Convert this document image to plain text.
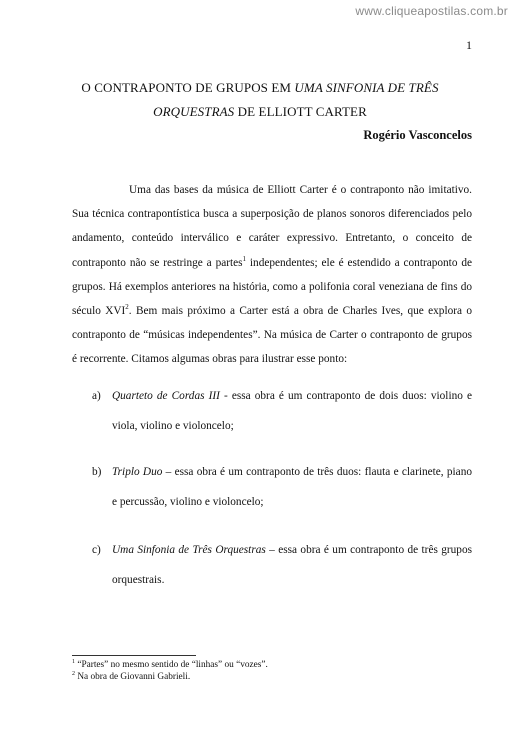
www.cliqueapostilas.com.br
1
O CONTRAPONTO DE GRUPOS EM UMA SINFONIA DE TRÊS
ORQUESTRAS DE ELLIOTT CARTER
Rogério Vasconcelos

Uma das bases da música de Elliott Carter é o contraponto não imitativo. Sua técnica contrapontística busca a superposição de planos sonoros diferenciados pelo andamento, conteúdo interválico e caráter expressivo. Entretanto, o conceito de contraponto não se restringe a partes$^1$ independentes; ele é estendido a contraponto de grupos. Há exemplos anteriores na história, como a polifonia coral veneziana de fins do século XVI$^2$. Bem mais próximo a Carter está a obra de Charles Ives, que explora o contraponto de “músicas independentes”. Na música de Carter o contraponto de grupos é recorrente. Citamos algumas obras para ilustrar esse ponto:

a) Quarteto de Cordas III - essa obra é um contraponto de dois duos: violino e viola, violino e violoncelo;
b) Triplo Duo – essa obra é um contraponto de três duos: flauta e clarinete, piano e percussão, violino e violoncelo;
c) Uma Sinfonia de Três Orquestras – essa obra é um contraponto de três grupos orquestrais.
$^1$ “Partes” no mesmo sentido de “linhas” ou “vozes”.
$^2$ Na obra de Giovanni Gabrieli.
